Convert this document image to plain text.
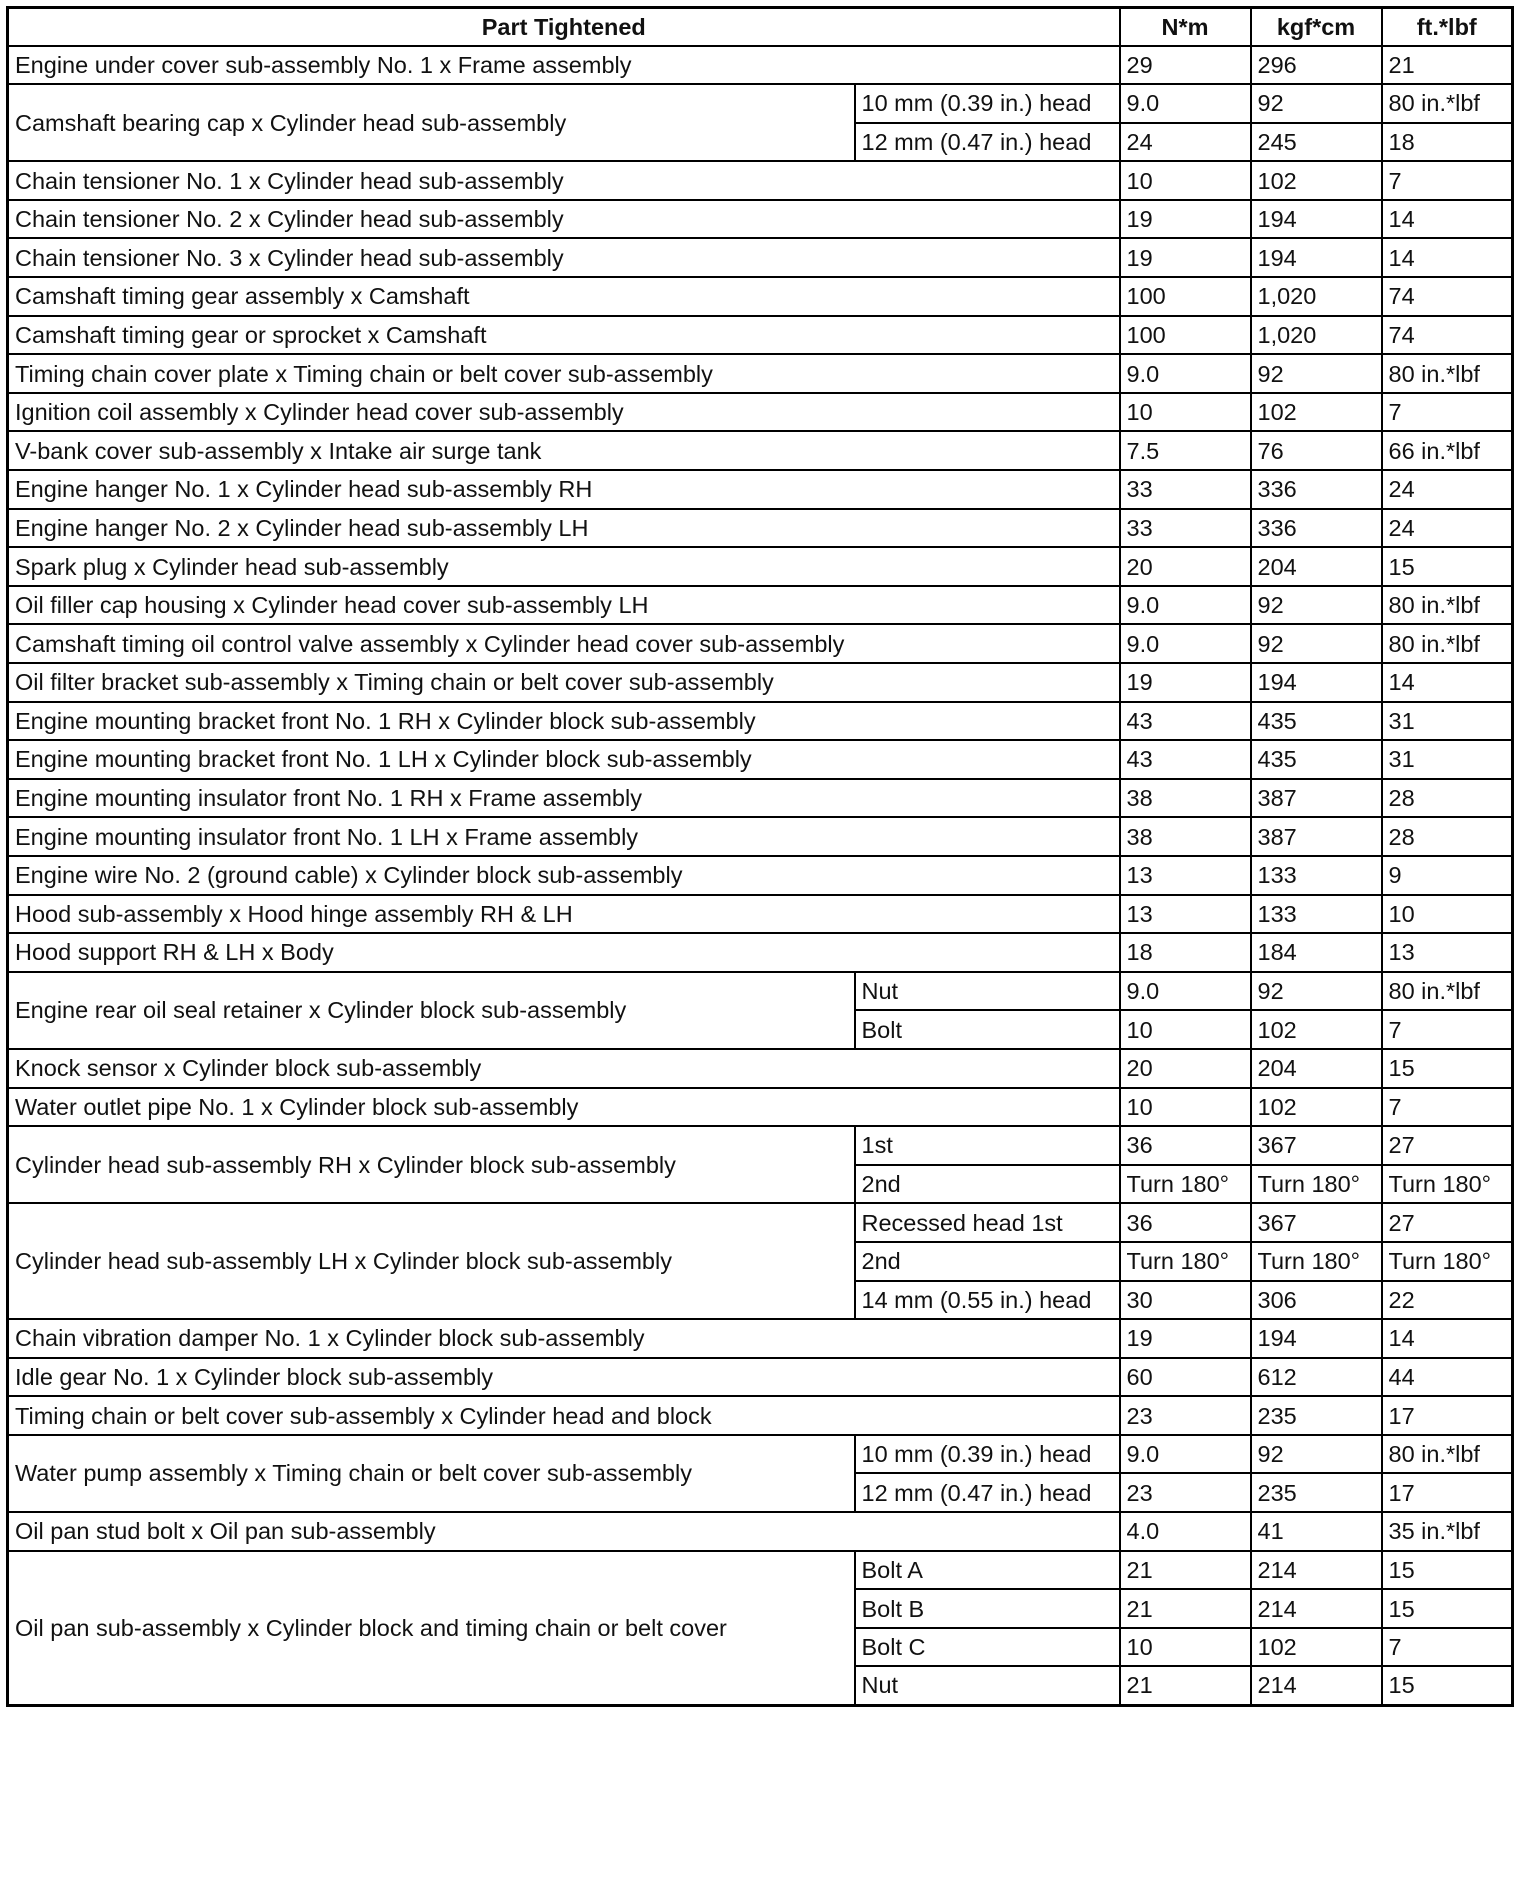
Part Tightened		N*m	kgf*cm	ft.*lbf
Engine under cover sub-assembly No. 1 x Frame assembly		29	296	21
Camshaft bearing cap x Cylinder head sub-assembly	10 mm (0.39 in.) head	9.0	92	80 in.*lbf
	12 mm (0.47 in.) head	24	245	18
Chain tensioner No. 1 x Cylinder head sub-assembly		10	102	7
Chain tensioner No. 2 x Cylinder head sub-assembly		19	194	14
Chain tensioner No. 3 x Cylinder head sub-assembly		19	194	14
Camshaft timing gear assembly x Camshaft		100	1,020	74
Camshaft timing gear or sprocket x Camshaft		100	1,020	74
Timing chain cover plate x Timing chain or belt cover sub-assembly		9.0	92	80 in.*lbf
Ignition coil assembly x Cylinder head cover sub-assembly		10	102	7
V-bank cover sub-assembly x Intake air surge tank		7.5	76	66 in.*lbf
Engine hanger No. 1 x Cylinder head sub-assembly RH		33	336	24
Engine hanger No. 2 x Cylinder head sub-assembly LH		33	336	24
Spark plug x Cylinder head sub-assembly		20	204	15
Oil filler cap housing x Cylinder head cover sub-assembly LH		9.0	92	80 in.*lbf
Camshaft timing oil control valve assembly x Cylinder head cover sub-assembly		9.0	92	80 in.*lbf
Oil filter bracket sub-assembly x Timing chain or belt cover sub-assembly		19	194	14
Engine mounting bracket front No. 1 RH x Cylinder block sub-assembly		43	435	31
Engine mounting bracket front No. 1 LH x Cylinder block sub-assembly		43	435	31
Engine mounting insulator front No. 1 RH x Frame assembly		38	387	28
Engine mounting insulator front No. 1 LH x Frame assembly		38	387	28
Engine wire No. 2 (ground cable) x Cylinder block sub-assembly		13	133	9
Hood sub-assembly x Hood hinge assembly RH & LH		13	133	10
Hood support RH & LH x Body		18	184	13
Engine rear oil seal retainer x Cylinder block sub-assembly	Nut	9.0	92	80 in.*lbf
	Bolt	10	102	7
Knock sensor x Cylinder block sub-assembly		20	204	15
Water outlet pipe No. 1 x Cylinder block sub-assembly		10	102	7
Cylinder head sub-assembly RH x Cylinder block sub-assembly	1st	36	367	27
	2nd	Turn 180°	Turn 180°	Turn 180°
Cylinder head sub-assembly LH x Cylinder block sub-assembly	Recessed head 1st	36	367	27
	2nd	Turn 180°	Turn 180°	Turn 180°
	14 mm (0.55 in.) head	30	306	22
Chain vibration damper No. 1 x Cylinder block sub-assembly		19	194	14
Idle gear No. 1 x Cylinder block sub-assembly		60	612	44
Timing chain or belt cover sub-assembly x Cylinder head and block		23	235	17
Water pump assembly x Timing chain or belt cover sub-assembly	10 mm (0.39 in.) head	9.0	92	80 in.*lbf
	12 mm (0.47 in.) head	23	235	17
Oil pan stud bolt x Oil pan sub-assembly		4.0	41	35 in.*lbf
Oil pan sub-assembly x Cylinder block and timing chain or belt cover	Bolt A	21	214	15
	Bolt B	21	214	15
	Bolt C	10	102	7
	Nut	21	214	15
